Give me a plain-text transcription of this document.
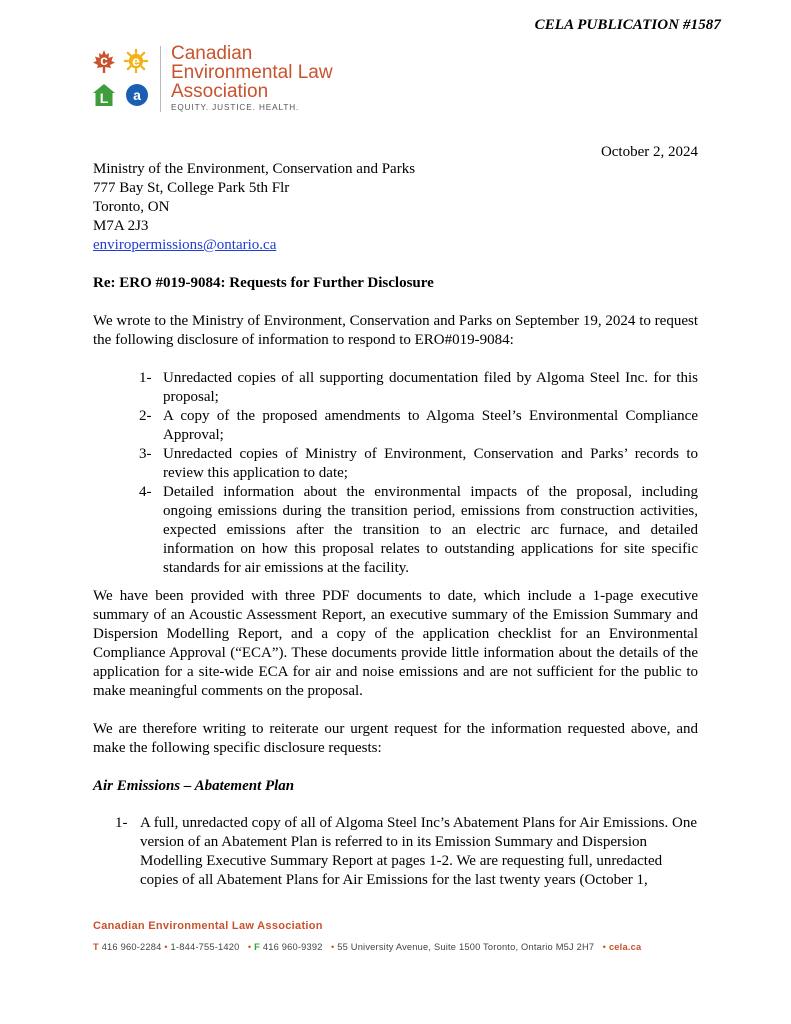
CELA PUBLICATION #1587
c	e
L	a
Canadian
Environmental Law
Association
EQUITY. JUSTICE. HEALTH.
October 2, 2024
Ministry of the Environment, Conservation and Parks
777 Bay St, College Park 5th Flr
Toronto, ON
M7A 2J3
enviropermissions@ontario.ca

Re: ERO #019-9084: Requests for Further Disclosure

We wrote to the Ministry of Environment, Conservation and Parks on September 19, 2024 to request the following disclosure of information to respond to ERO#019-9084:

1- Unredacted copies of all supporting documentation filed by Algoma Steel Inc. for this proposal;
2- A copy of the proposed amendments to Algoma Steel’s Environmental Compliance Approval;
3- Unredacted copies of Ministry of Environment, Conservation and Parks’ records to review this application to date;
4- Detailed information about the environmental impacts of the proposal, including ongoing emissions during the transition period, emissions from construction activities, expected emissions after the transition to an electric arc furnace, and detailed information on how this proposal relates to outstanding applications for site specific standards for air emissions at the facility.

We have been provided with three PDF documents to date, which include a 1-page executive summary of an Acoustic Assessment Report, an executive summary of the Emission Summary and Dispersion Modelling Report, and a copy of the application checklist for an Environmental Compliance Approval (“ECA”). These documents provide little information about the details of the application for a site-wide ECA for air and noise emissions and are not sufficient for the public to make meaningful comments on the proposal.

We are therefore writing to reiterate our urgent request for the information requested above, and make the following specific disclosure requests:

Air Emissions – Abatement Plan

1- A full, unredacted copy of all of Algoma Steel Inc’s Abatement Plans for Air Emissions. One version of an Abatement Plan is referred to in its Emission Summary and Dispersion Modelling Executive Summary Report at pages 1-2. We are requesting full, unredacted copies of all Abatement Plans for Air Emissions for the last twenty years (October 1,
Canadian Environmental Law Association
T 416 960-2284 • 1-844-755-1420 • F 416 960-9392 • 55 University Avenue, Suite 1500 Toronto, Ontario M5J 2H7 • cela.ca
